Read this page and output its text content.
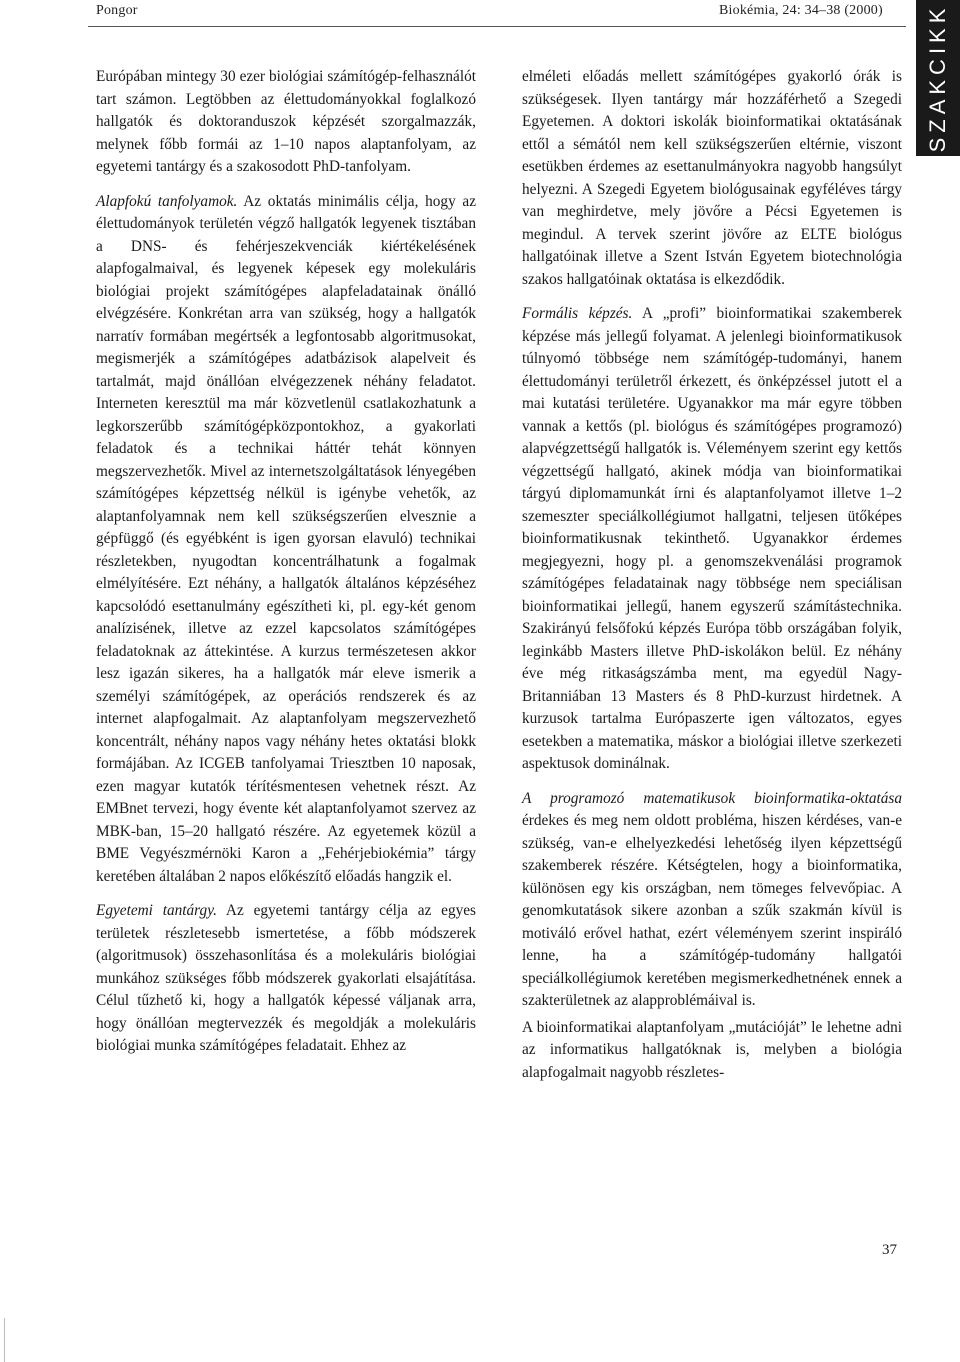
Pongor	Biokémia, 24: 34–38 (2000) SZAKCIKK

Európában mintegy 30 ezer biológiai számítógép-felhasználót tart számon. Legtöbben az élettudományokkal foglalkozó hallgatók és doktoranduszok képzését szorgalmazzák, melynek főbb formái az 1–10 napos alaptanfolyam, az egyetemi tantárgy és a szakosodott PhD-tanfolyam.

Alapfokú tanfolyamok. Az oktatás minimális célja, hogy az élettudományok területén végző hallgatók legyenek tisztában a DNS- és fehérjeszekvenciák kiértékelésének alapfogalmaival, és legyenek képesek egy molekuláris biológiai projekt számítógépes alapfeladatainak önálló elvégzésére. Konkrétan arra van szükség, hogy a hallgatók narratív formában megértsék a legfontosabb algoritmusokat, megismerjék a számítógépes adatbázisok alapelveit és tartalmát, majd önállóan elvégezzenek néhány feladatot. Interneten keresztül ma már közvetlenül csatlakozhatunk a legkorszerűbb számítógépközpontokhoz, a gyakorlati feladatok és a technikai háttér tehát könnyen megszervezhetők. Mivel az internetszolgáltatások lényegében számítógépes képzettség nélkül is igénybe vehetők, az alaptanfolyamnak nem kell szükségszerűen elvesznie a gépfüggő (és egyébként is igen gyorsan elavuló) technikai részletekben, nyugodtan koncentrálhatunk a fogalmak elmélyítésére. Ezt néhány, a hallgatók általános képzéséhez kapcsolódó esettanulmány egészítheti ki, pl. egy-két genom analízisének, illetve az ezzel kapcsolatos számítógépes feladatoknak az áttekintése. A kurzus természetesen akkor lesz igazán sikeres, ha a hallgatók már eleve ismerik a személyi számítógépek, az operációs rendszerek és az internet alapfogalmait. Az alaptanfolyam megszervezhető koncentrált, néhány napos vagy néhány hetes oktatási blokk formájában. Az ICGEB tanfolyamai Triesztben 10 naposak, ezen magyar kutatók térítésmentesen vehetnek részt. Az EMBnet tervezi, hogy évente két alaptanfolyamot szervez az MBK-ban, 15–20 hallgató részére. Az egyetemek közül a BME Vegyészmérnöki Karon a „Fehérjebiokémia” tárgy keretében általában 2 napos előkészítő előadás hangzik el.

Egyetemi tantárgy. Az egyetemi tantárgy célja az egyes területek részletesebb ismertetése, a főbb módszerek (algoritmusok) összehasonlítása és a molekuláris biológiai munkához szükséges főbb módszerek gyakorlati elsajátítása. Célul tűzhető ki, hogy a hallgatók képessé váljanak arra, hogy önállóan megtervezzék és megoldják a molekuláris biológiai munka számítógépes feladatait. Ehhez az

elméleti előadás mellett számítógépes gyakorló órák is szükségesek. Ilyen tantárgy már hozzáférhető a Szegedi Egyetemen. A doktori iskolák bioinformatikai oktatásának ettől a sémától nem kell szükségszerűen eltérnie, viszont esetükben érdemes az esettanulmányokra nagyobb hangsúlyt helyezni. A Szegedi Egyetem biológusainak egyféléves tárgy van meghirdetve, mely jövőre a Pécsi Egyetemen is megindul. A tervek szerint jövőre az ELTE biológus hallgatóinak illetve a Szent István Egyetem biotechnológia szakos hallgatóinak oktatása is elkezdődik.

Formális képzés. A „profi” bioinformatikai szakemberek képzése más jellegű folyamat. A jelenlegi bioinformatikusok túlnyomó többsége nem számítógép-tudományi, hanem élettudományi területről érkezett, és önképzéssel jutott el a mai kutatási területére. Ugyanakkor ma már egyre többen vannak a kettős (pl. biológus és számítógépes programozó) alapvégzettségű hallgatók is. Véleményem szerint egy kettős végzettségű hallgató, akinek módja van bioinformatikai tárgyú diplomamunkát írni és alaptanfolyamot illetve 1–2 szemeszter speciálkollégiumot hallgatni, teljesen ütőképes bioinformatikusnak tekinthető. Ugyanakkor érdemes megjegyezni, hogy pl. a genomszekvenálási programok számítógépes feladatainak nagy többsége nem speciálisan bioinformatikai jellegű, hanem egyszerű számítástechnika. Szakirányú felsőfokú képzés Európa több országában folyik, leginkább Masters illetve PhD-iskolákon belül. Ez néhány éve még ritkaságszámba ment, ma egyedül Nagy-Britanniában 13 Masters és 8 PhD-kurzust hirdetnek. A kurzusok tartalma Európaszerte igen változatos, egyes esetekben a matematika, máskor a biológiai illetve szerkezeti aspektusok dominálnak.

A programozó matematikusok bioinformatika-oktatása érdekes és meg nem oldott probléma, hiszen kérdéses, van-e szükség, van-e elhelyezkedési lehetőség ilyen képzettségű szakemberek részére. Kétségtelen, hogy a bioinformatika, különösen egy kis országban, nem tömeges felvevőpiac. A genomkutatások sikere azonban a szűk szakmán kívül is motiváló erővel hathat, ezért véleményem szerint inspiráló lenne, ha a számítógép-tudomány hallgatói speciálkollégiumok keretében megismerkedhetnének ennek a szakterületnek az alapproblémáival is.

A bioinformatikai alaptanfolyam „mutációját” le lehetne adni az informatikus hallgatóknak is, melyben a biológia alapfogalmait nagyobb részletes-

37
